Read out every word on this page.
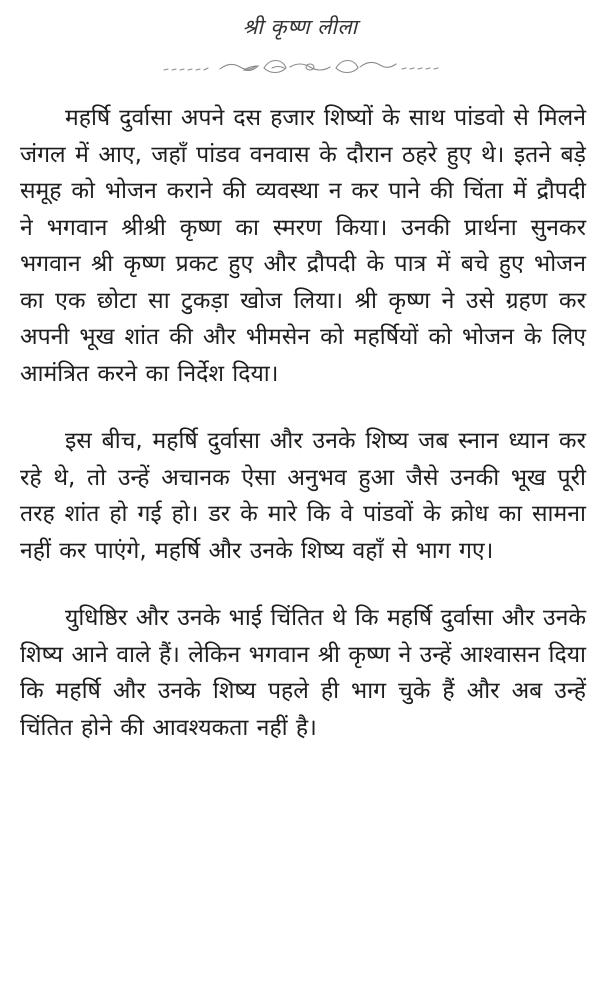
श्री कृष्ण लीला

महर्षि दुर्वासा अपने दस हजार शिष्यों के साथ पांडवो से मिलने जंगल में आए, जहाँ पांडव वनवास के दौरान ठहरे हुए थे। इतने बड़े समूह को भोजन कराने की व्यवस्था न कर पाने की चिंता में द्रौपदी ने भगवान श्रीश्री कृष्ण का स्मरण किया। उनकी प्रार्थना सुनकर भगवान श्री कृष्ण प्रकट हुए और द्रौपदी के पात्र में बचे हुए भोजन का एक छोटा सा टुकड़ा खोज लिया। श्री कृष्ण ने उसे ग्रहण कर अपनी भूख शांत की और भीमसेन को महर्षियों को भोजन के लिए आमंत्रित करने का निर्देश दिया।

इस बीच, महर्षि दुर्वासा और उनके शिष्य जब स्नान ध्यान कर रहे थे, तो उन्हें अचानक ऐसा अनुभव हुआ जैसे उनकी भूख पूरी तरह शांत हो गई हो। डर के मारे कि वे पांडवों के क्रोध का सामना नहीं कर पाएंगे, महर्षि और उनके शिष्य वहाँ से भाग गए।

युधिष्ठिर और उनके भाई चिंतित थे कि महर्षि दुर्वासा और उनके शिष्य आने वाले हैं। लेकिन भगवान श्री कृष्ण ने उन्हें आश्वासन दिया कि महर्षि और उनके शिष्य पहले ही भाग चुके हैं और अब उन्हें चिंतित होने की आवश्यकता नहीं है।
